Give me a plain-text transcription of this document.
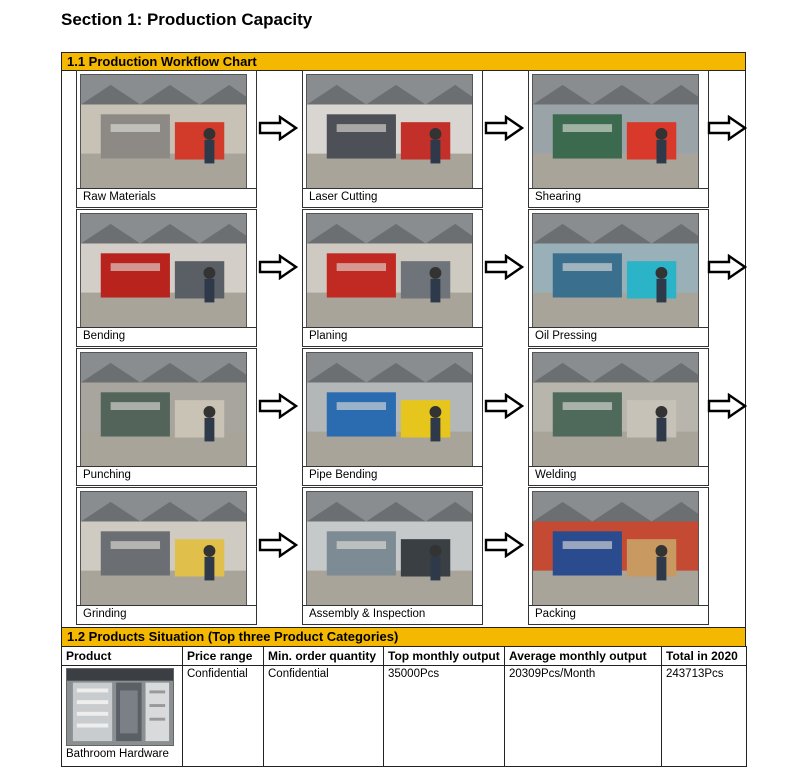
Section 1: Production Capacity
1.1 Production Workflow Chart
Raw Materials	Laser Cutting	Shearing
Bending	Planing	Oil Pressing
Punching	Pipe Bending	Welding
Grinding	Assembly & Inspection	Packing
1.2 Products Situation (Top three Product Categories)
Product	Price range	Min. order quantity	Top monthly output	Average monthly output	Total in 2020

Bathroom Hardware	Confidential	Confidential	35000Pcs	20309Pcs/Month	243713Pcs
